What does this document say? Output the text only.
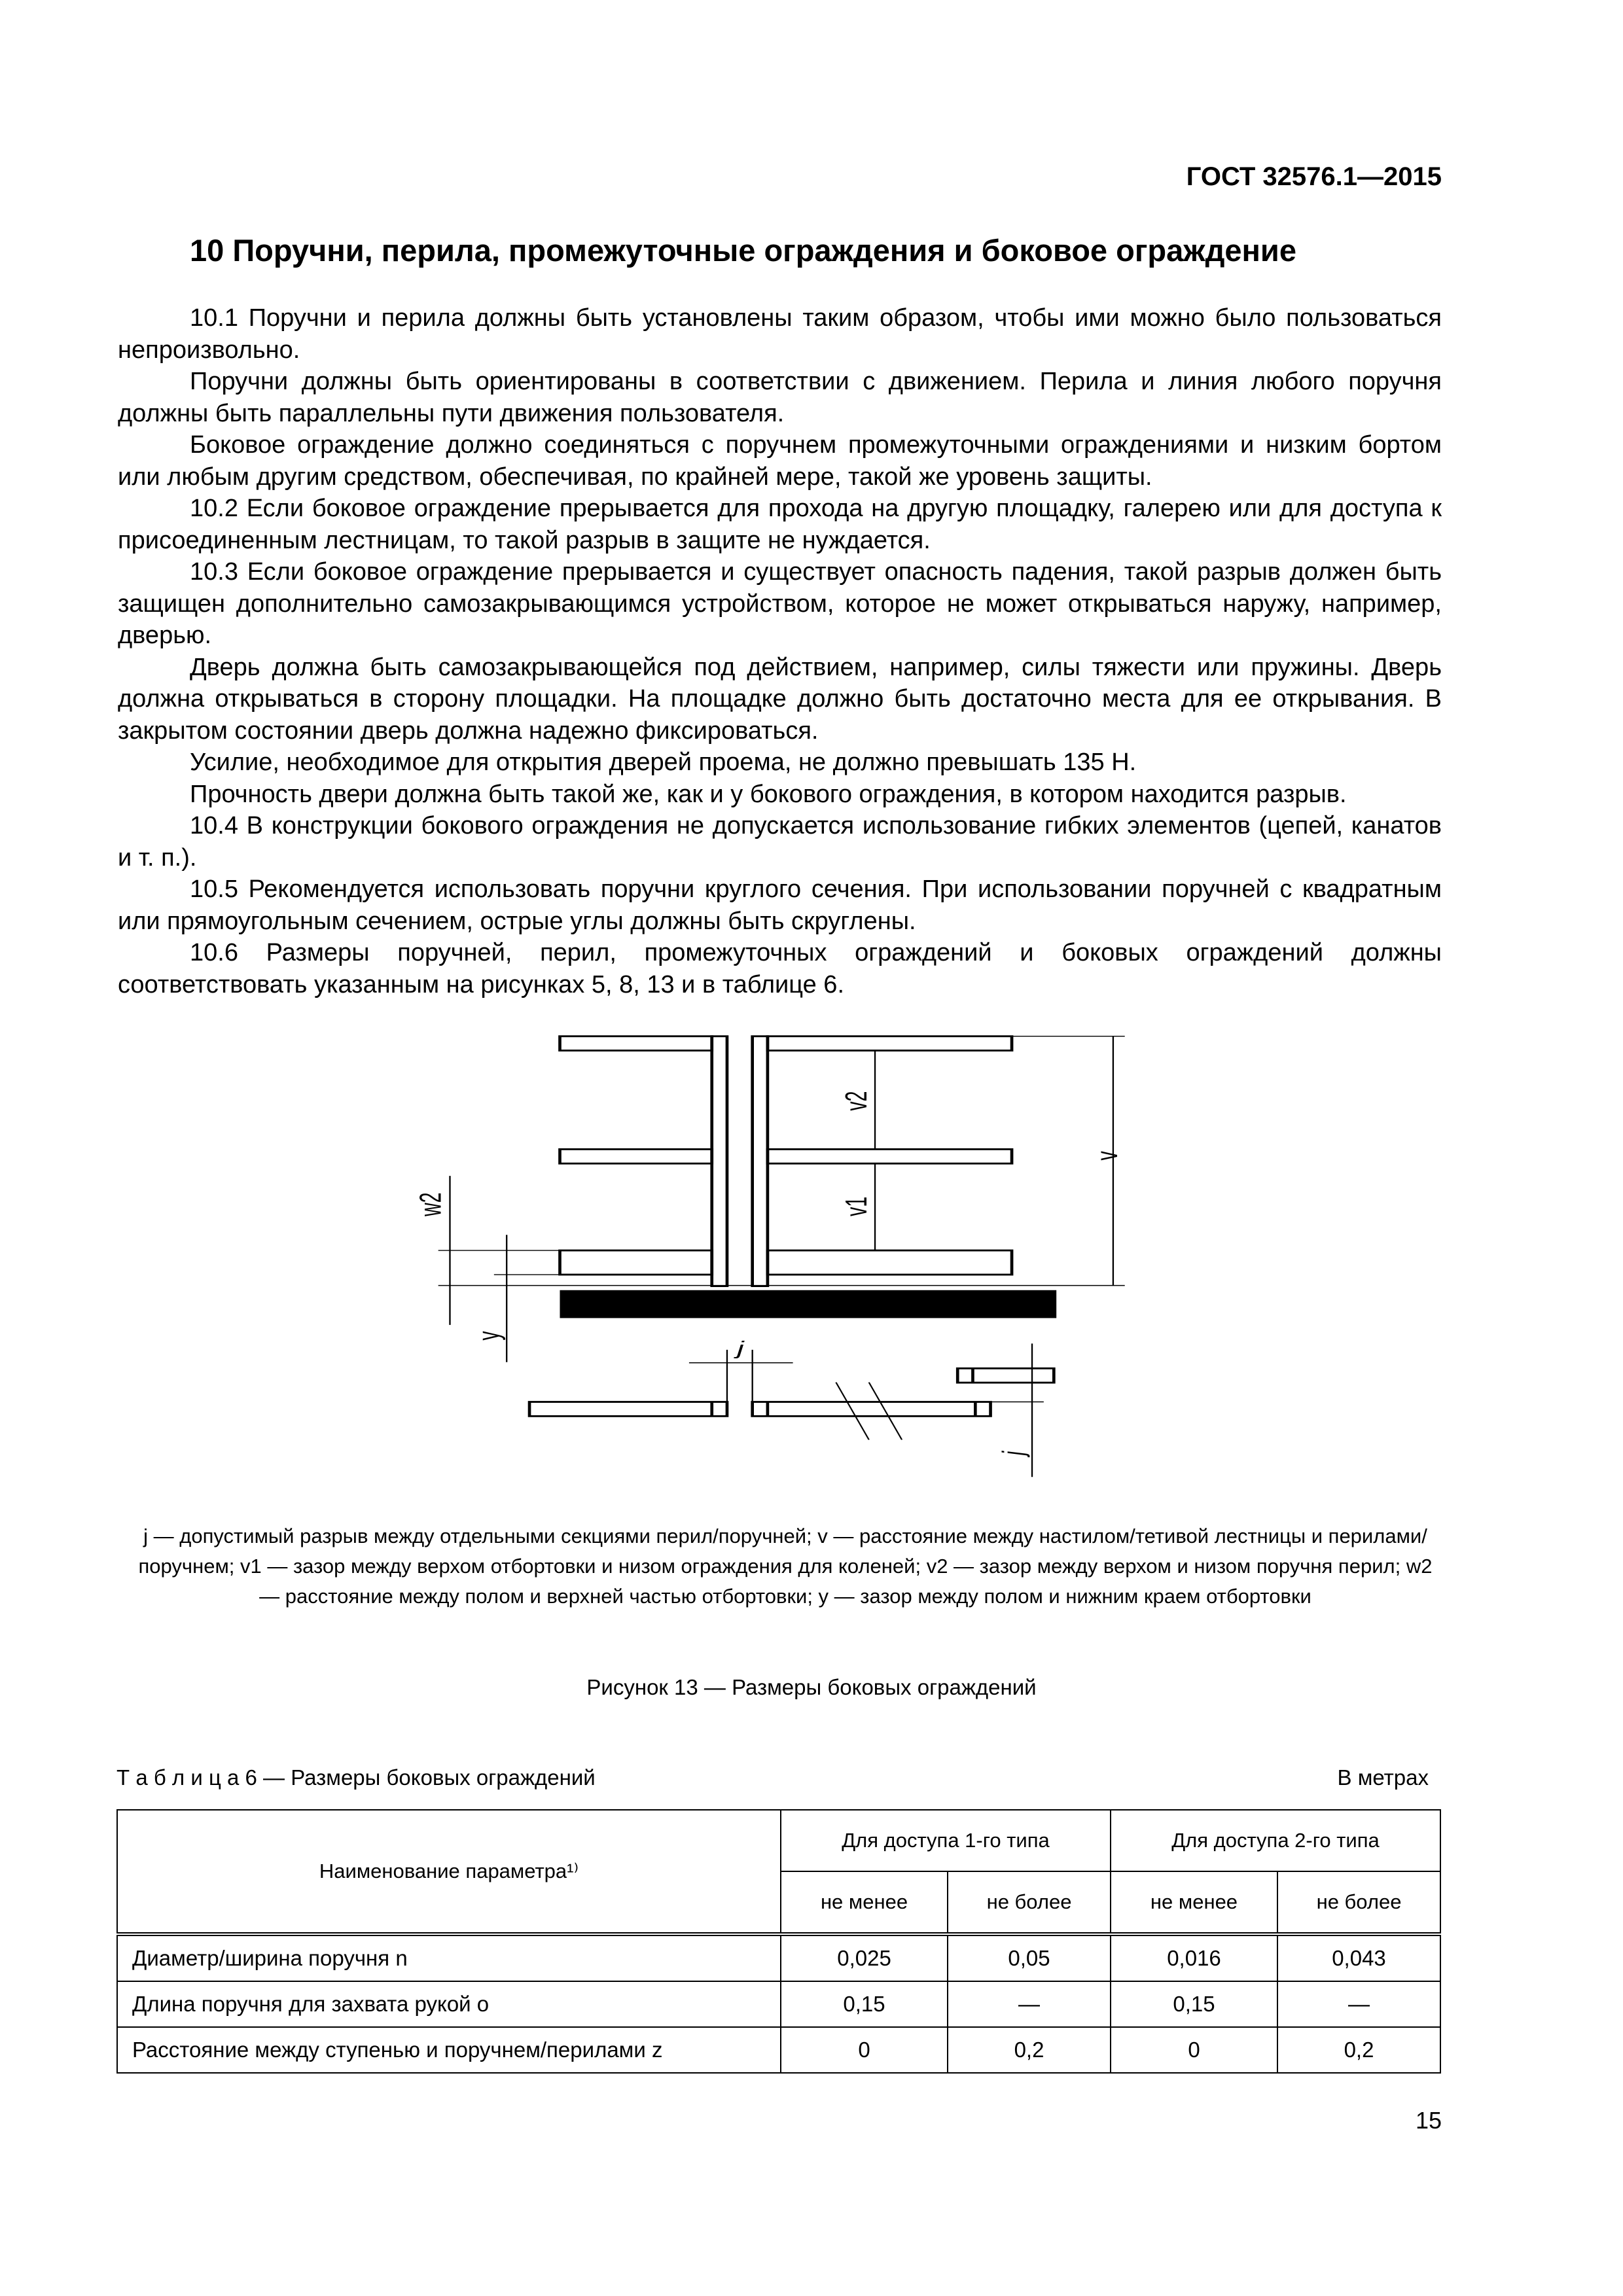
ГОСТ 32576.1—2015
10 Поручни, перила, промежуточные ограждения и боковое ограждение

10.1 Поручни и перила должны быть установлены таким образом, чтобы ими можно было пользоваться непроизвольно.

Поручни должны быть ориентированы в соответствии с движением. Перила и линия любого поручня должны быть параллельны пути движения пользователя.

Боковое ограждение должно соединяться с поручнем промежуточными ограждениями и низким бортом или любым другим средством, обеспечивая, по крайней мере, такой же уровень защиты.

10.2 Если боковое ограждение прерывается для прохода на другую площадку, галерею или для доступа к присоединенным лестницам, то такой разрыв в защите не нуждается.

10.3 Если боковое ограждение прерывается и существует опасность падения, такой разрыв должен быть защищен дополнительно самозакрывающимся устройством, которое не может открываться наружу, например, дверью.

Дверь должна быть самозакрывающейся под действием, например, силы тяжести или пружины. Дверь должна открываться в сторону площадки. На площадке должно быть достаточно места для ее открывания. В закрытом состоянии дверь должна надежно фиксироваться.

Усилие, необходимое для открытия дверей проема, не должно превышать 135 Н.

Прочность двери должна быть такой же, как и у бокового ограждения, в котором находится разрыв.

10.4 В конструкции бокового ограждения не допускается использование гибких элементов (цепей, канатов и т. п.).

10.5 Рекомендуется использовать поручни круглого сечения. При использовании поручней с квадратным или прямоугольным сечением, острые углы должны быть скруглены.

10.6 Размеры поручней, перил, промежуточных ограждений и боковых ограждений должны соответствовать указанным на рисунках 5, 8, 13 и в таблице 6.

v
v2
v1
w2
y
j
j
j — допустимый разрыв между отдельными секциями перил/поручней; v — расстояние между настилом/тетивой лестницы и перилами/поручнем; v1 — зазор между верхом отбортовки и низом ограждения для коленей; v2 — зазор между верхом и низом поручня перил; w2 — расстояние между полом и верхней частью отбортовки; y — зазор между полом и нижним краем отбортовки
Рисунок 13 — Размеры боковых ограждений
Т а б л и ц а 6 — Размеры боковых ограждений	В метрах
Наименование параметра¹⁾	Для доступа 1-го типа		Для доступа 2-го типа	
	не менее	не более	не менее	не более
Диаметр/ширина поручня n	0,025	0,05	0,016	0,043
Длина поручня для захвата рукой o	0,15	—	0,15	—
Расстояние между ступенью и поручнем/перилами z	0	0,2	0	0,2
15
